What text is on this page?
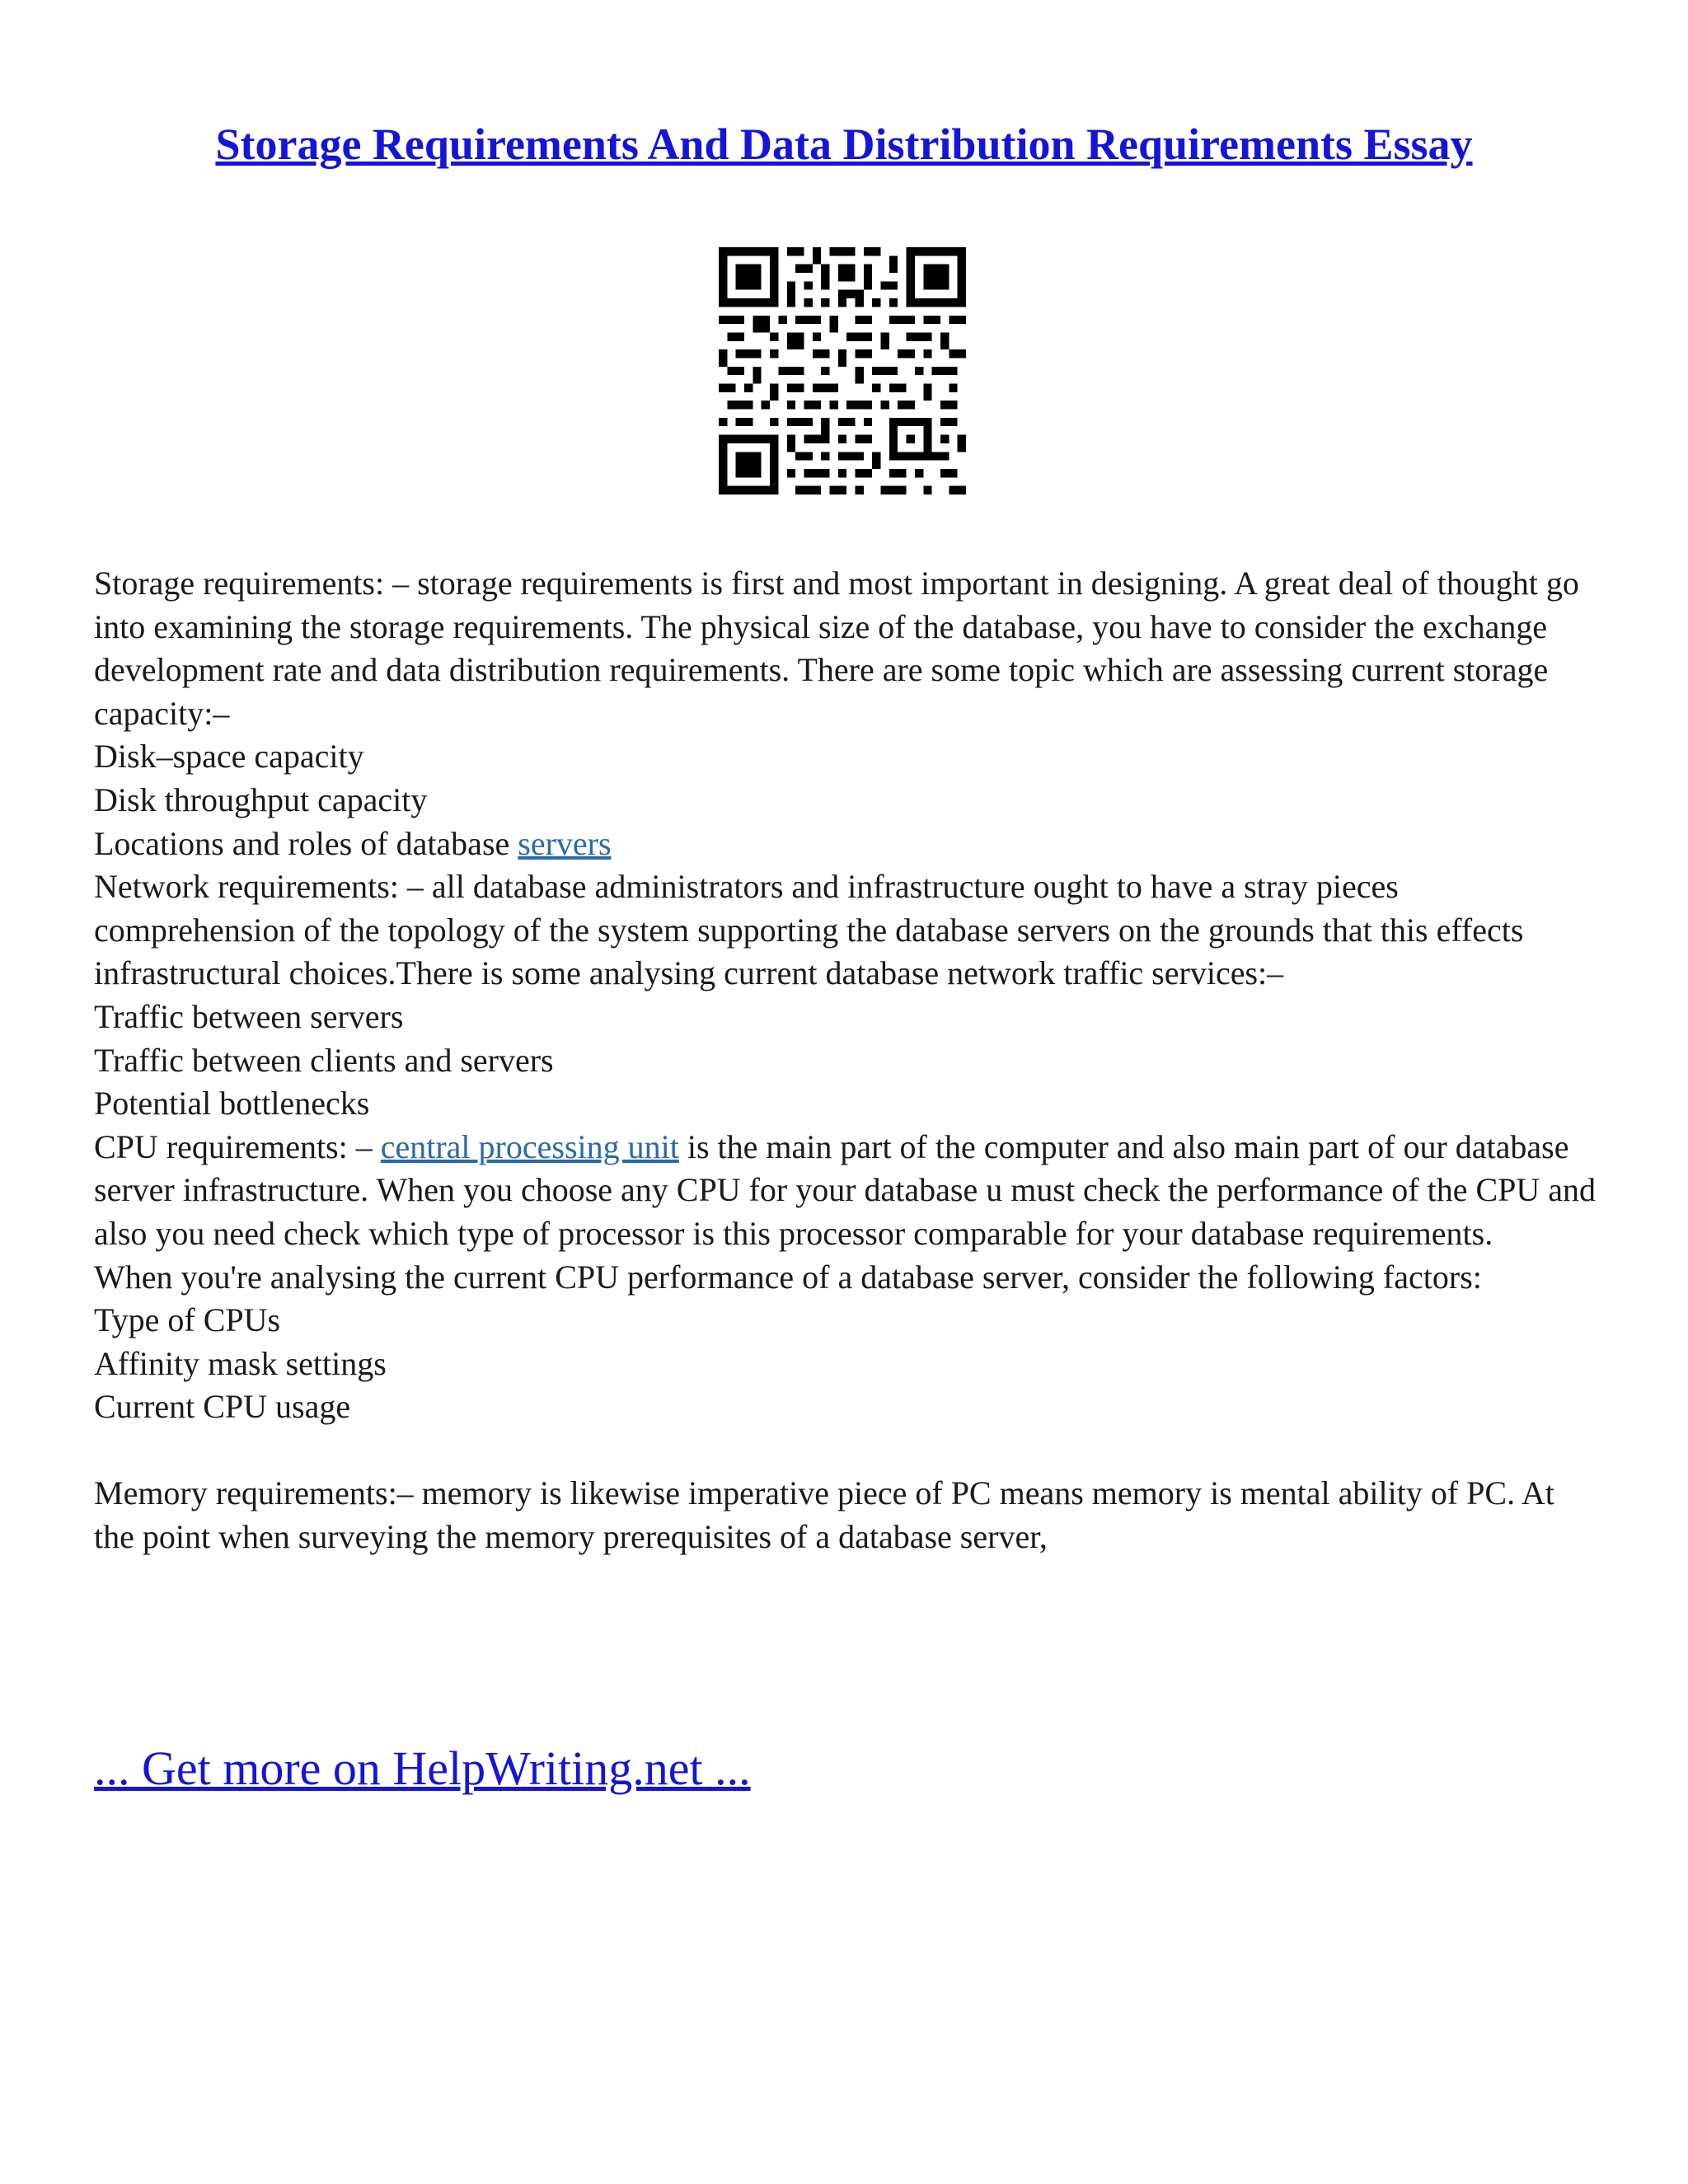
Storage Requirements And Data Distribution Requirements Essay

Storage requirements: – storage requirements is first and most important in designing. A great deal of thought go into examining the storage requirements. The physical size of the database, you have to consider the exchange development rate and data distribution requirements. There are some topic which are assessing current storage capacity:–

Disk–space capacity

Disk throughput capacity

Locations and roles of database servers

Network requirements: – all database administrators and infrastructure ought to have a stray pieces comprehension of the topology of the system supporting the database servers on the grounds that this effects infrastructural choices.There is some analysing current database network traffic services:–

Traffic between servers

Traffic between clients and servers

Potential bottlenecks

CPU requirements: – central processing unit is the main part of the computer and also main part of our database server infrastructure. When you choose any CPU for your database u must check the performance of the CPU and also you need check which type of processor is this processor comparable for your database requirements.

When you're analysing the current CPU performance of a database server, consider the following factors:

Type of CPUs

Affinity mask settings

Current CPU usage

Memory requirements:– memory is likewise imperative piece of PC means memory is mental ability of PC. At the point when surveying the memory prerequisites of a database server,

... Get more on HelpWriting.net ...
